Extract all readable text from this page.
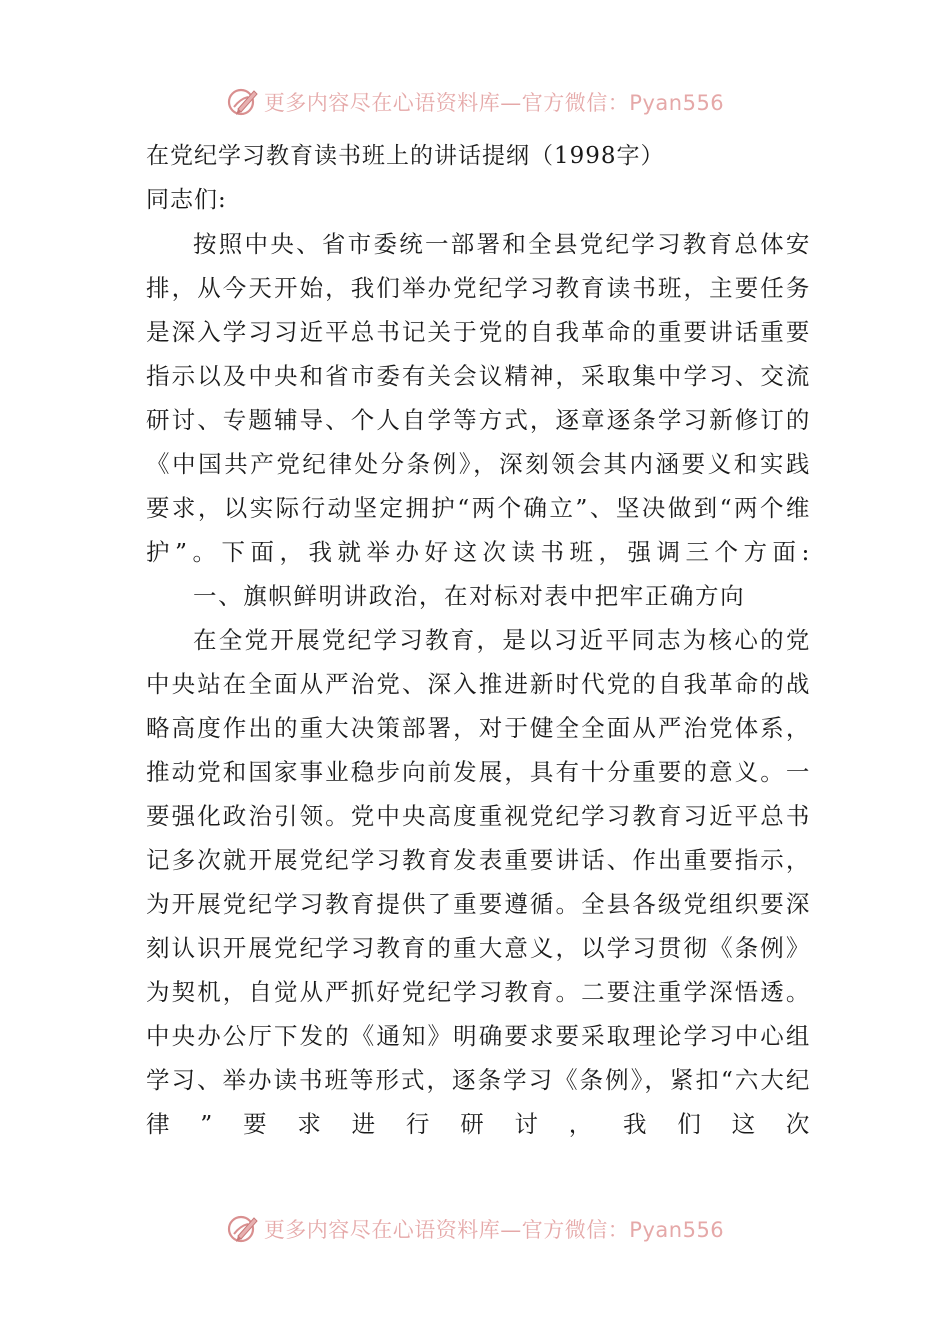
更多内容尽在心语资料库—官方微信：Pyan556

在党纪学习教育读书班上的讲话提纲（1998字）

同志们:

按照中央、省市委统一部署和全县党纪学习教育总体安排，从今天开始，我们举办党纪学习教育读书班，主要任务是深入学习习近平总书记关于党的自我革命的重要讲话重要指示以及中央和省市委有关会议精神，采取集中学习、交流研讨、专题辅导、个人自学等方式，逐章逐条学习新修订的《中国共产党纪律处分条例》，深刻领会其内涵要义和实践要求，以实际行动坚定拥护“两个确立”、坚决做到“两个维护”。下面，我就举办好这次读书班，强调三个方面:

一、旗帜鲜明讲政治，在对标对表中把牢正确方向

在全党开展党纪学习教育，是以习近平同志为核心的党中央站在全面从严治党、深入推进新时代党的自我革命的战略高度作出的重大决策部署，对于健全全面从严治党体系，推动党和国家事业稳步向前发展，具有十分重要的意义。一要强化政治引领。党中央高度重视党纪学习教育习近平总书记多次就开展党纪学习教育发表重要讲话、作出重要指示，为开展党纪学习教育提供了重要遵循。全县各级党组织要深刻认识开展党纪学习教育的重大意义，以学习贯彻《条例》为契机，自觉从严抓好党纪学习教育。二要注重学深悟透。中央办公厅下发的《通知》明确要求要采取理论学习中心组学习、举办读书班等形式，逐条学习《条例》，紧扣“六大纪律”要求进行研讨，我们这次

更多内容尽在心语资料库—官方微信：Pyan556
